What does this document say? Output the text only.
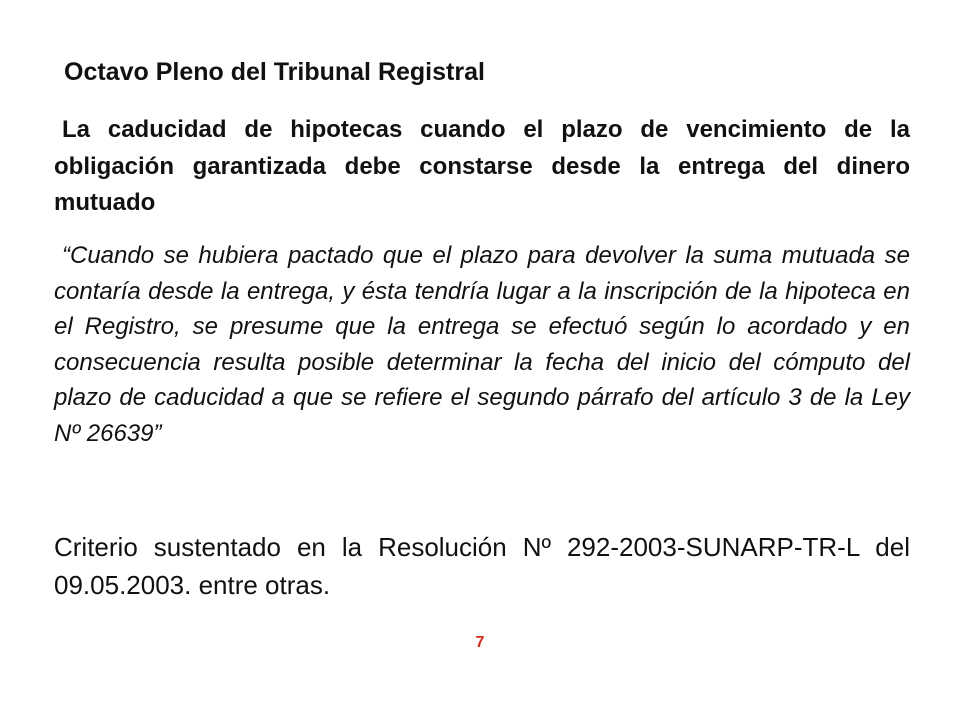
Octavo Pleno del Tribunal Registral

La caducidad de hipotecas cuando el plazo de vencimiento de la obligación garantizada debe constarse desde la entrega del dinero mutuado

“Cuando se hubiera pactado que el plazo para devolver la suma mutuada se contaría desde la entrega, y ésta tendría lugar a la inscripción de la hipoteca en el Registro, se presume que la entrega se efectuó según lo acordado y en consecuencia resulta posible determinar la fecha del inicio del cómputo del plazo de caducidad a que se refiere el segundo párrafo del artículo 3 de la Ley Nº 26639”

Criterio sustentado en la Resolución Nº 292-2003-SUNARP-TR-L del 09.05.2003. entre otras.

7
